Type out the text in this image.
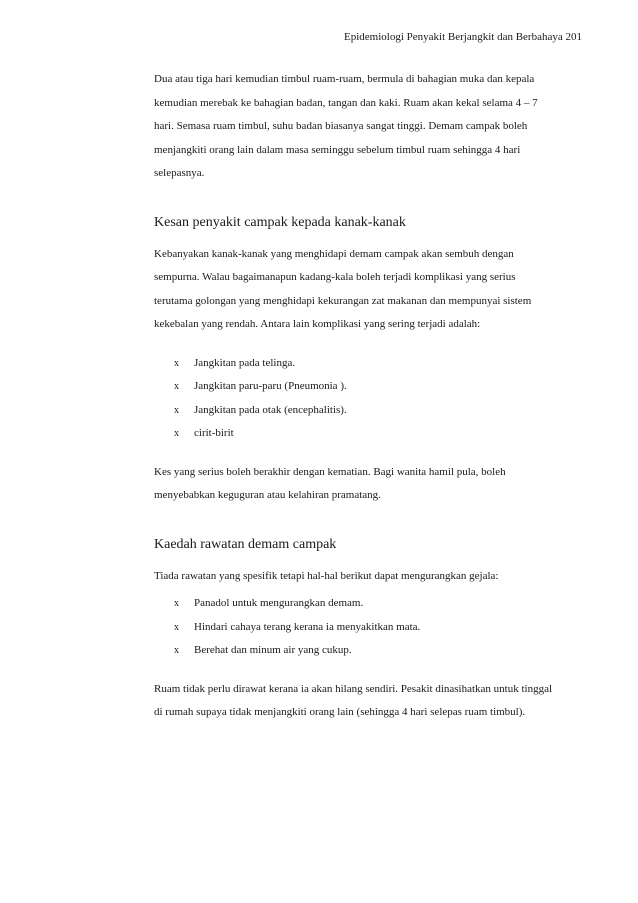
Epidemiologi Penyakit Berjangkit dan Berbahaya 201

Dua atau tiga hari kemudian timbul ruam-ruam, bermula di bahagian muka dan kepala kemudian merebak ke bahagian badan, tangan dan kaki. Ruam akan kekal selama 4 – 7 hari. Semasa ruam timbul, suhu badan biasanya sangat tinggi. Demam campak boleh menjangkiti orang lain dalam masa seminggu sebelum timbul ruam sehingga 4 hari selepasnya.

Kesan penyakit campak kepada kanak-kanak

Kebanyakan kanak-kanak yang menghidapi demam campak akan sembuh dengan sempurna. Walau bagaimanapun kadang-kala boleh terjadi komplikasi yang serius terutama golongan yang menghidapi kekurangan zat makanan dan mempunyai sistem kekebalan yang rendah. Antara lain komplikasi yang sering terjadi adalah:

x	Jangkitan pada telinga.
x	Jangkitan paru-paru (Pneumonia ).
x	Jangkitan pada otak (encephalitis).
x	cirit-birit

Kes yang serius boleh berakhir dengan kematian. Bagi wanita hamil pula, boleh menyebabkan keguguran atau kelahiran pramatang.

Kaedah rawatan demam campak

Tiada rawatan yang spesifik tetapi hal-hal berikut dapat mengurangkan gejala:

x	Panadol untuk mengurangkan demam.
x	Hindari cahaya terang kerana ia menyakitkan mata.
x	Berehat dan minum air yang cukup.

Ruam tidak perlu dirawat kerana ia akan hilang sendiri. Pesakit dinasihatkan untuk tinggal di rumah supaya tidak menjangkiti orang lain (sehingga 4 hari selepas ruam timbul).
